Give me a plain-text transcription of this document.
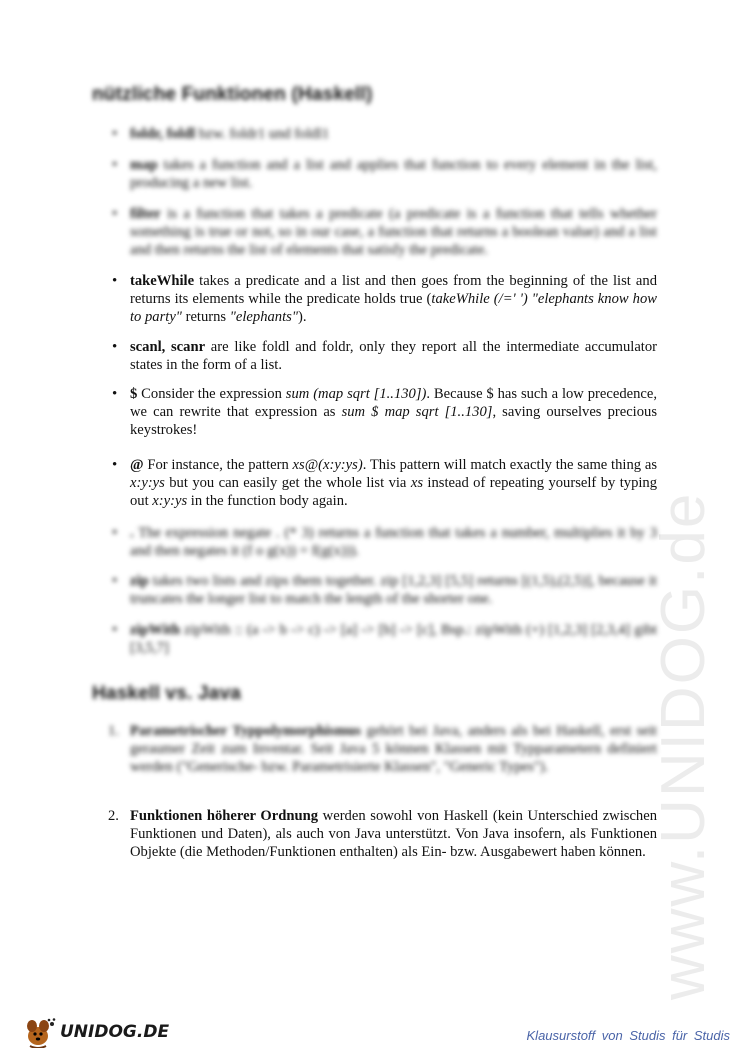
www.UNIDOG.de
nützliche Funktionen (Haskell)
• foldr, foldl bzw. foldr1 und foldl1
• map takes a function and a list and applies that function to every element in the list, producing a new list.
• filter is a function that takes a predicate (a predicate is a function that tells whether something is true or not, so in our case, a function that returns a boolean value) and a list and then returns the list of elements that satisfy the predicate.
• takeWhile takes a predicate and a list and then goes from the beginning of the list and returns its elements while the predicate holds true (takeWhile (/=' ') "elephants know how to party" returns "elephants").
• scanl, scanr are like foldl and foldr, only they report all the intermediate accumulator states in the form of a list.
• $ Consider the expression sum (map sqrt [1..130]). Because $ has such a low precedence, we can rewrite that expression as sum $ map sqrt [1..130], saving ourselves precious keystrokes!
• @ For instance, the pattern xs@(x:y:ys). This pattern will match exactly the same thing as x:y:ys but you can easily get the whole list via xs instead of repeating yourself by typing out x:y:ys in the function body again.
• . The expression negate . (* 3) returns a function that takes a number, multiplies it by 3 and then negates it (f o g(x)) = f(g(x))).
• zip takes two lists and zips them together. zip [1,2,3] [5,5] returns [(1,5),(2,5)], because it truncates the longer list to match the length of the shorter one.
• zipWith zipWith :: (a -> b -> c) -> [a] -> [b] -> [c], Bsp.: zipWith (+) [1,2,3] [2,3,4] gibt [3,5,7]
Haskell vs. Java
1. Parametrischer Typpolymorphismus gehört bei Java, anders als bei Haskell, erst seit geraumer Zeit zum Inventar. Seit Java 5 können Klassen mit Typparametern definiert werden ("Generische- bzw. Parametrisierte Klassen", "Generic Types").
2. Funktionen höherer Ordnung werden sowohl von Haskell (kein Unterschied zwischen Funktionen und Daten), als auch von Java unterstützt. Von Java insofern, als Funktionen Objekte (die Methoden/Funktionen enthalten) als Ein- bzw. Ausgabewert haben können.
UNIDOG.DE	Klausurstoff von Studis für Studis
